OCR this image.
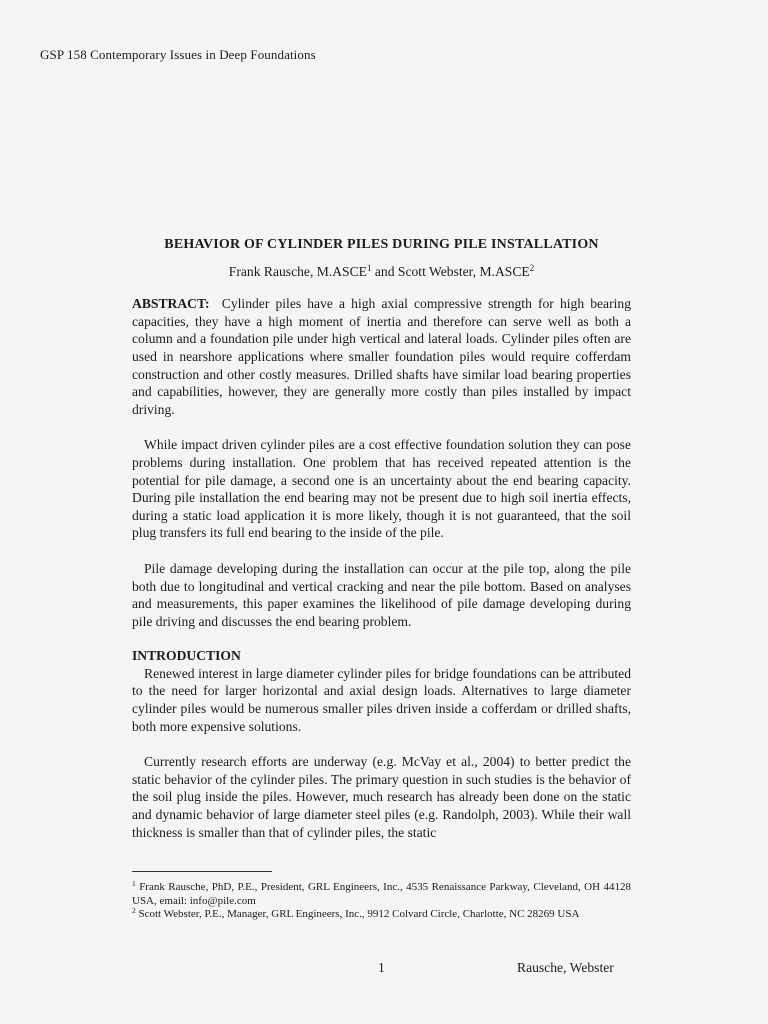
GSP 158 Contemporary Issues in Deep Foundations
BEHAVIOR OF CYLINDER PILES DURING PILE INSTALLATION
Frank Rausche, M.ASCE$^1$ and Scott Webster, M.ASCE$^2$

ABSTRACT: Cylinder piles have a high axial compressive strength for high bearing capacities, they have a high moment of inertia and therefore can serve well as both a column and a foundation pile under high vertical and lateral loads. Cylinder piles often are used in nearshore applications where smaller foundation piles would require cofferdam construction and other costly measures. Drilled shafts have similar load bearing properties and capabilities, however, they are generally more costly than piles installed by impact driving.

While impact driven cylinder piles are a cost effective foundation solution they can pose problems during installation. One problem that has received repeated attention is the potential for pile damage, a second one is an uncertainty about the end bearing capacity. During pile installation the end bearing may not be present due to high soil inertia effects, during a static load application it is more likely, though it is not guaranteed, that the soil plug transfers its full end bearing to the inside of the pile.

Pile damage developing during the installation can occur at the pile top, along the pile both due to longitudinal and vertical cracking and near the pile bottom. Based on analyses and measurements, this paper examines the likelihood of pile damage developing during pile driving and discusses the end bearing problem.

INTRODUCTION

Renewed interest in large diameter cylinder piles for bridge foundations can be attributed to the need for larger horizontal and axial design loads. Alternatives to large diameter cylinder piles would be numerous smaller piles driven inside a cofferdam or drilled shafts, both more expensive solutions.

Currently research efforts are underway (e.g. McVay et al., 2004) to better predict the static behavior of the cylinder piles. The primary question in such studies is the behavior of the soil plug inside the piles. However, much research has already been done on the static and dynamic behavior of large diameter steel piles (e.g. Randolph, 2003). While their wall thickness is smaller than that of cylinder piles, the static

$^1$ Frank Rausche, PhD, P.E., President, GRL Engineers, Inc., 4535 Renaissance Parkway, Cleveland, OH 44128 USA, email: info@pile.com

$^2$ Scott Webster, P.E., Manager, GRL Engineers, Inc., 9912 Colvard Circle, Charlotte, NC 28269 USA

1	Rausche, Webster
